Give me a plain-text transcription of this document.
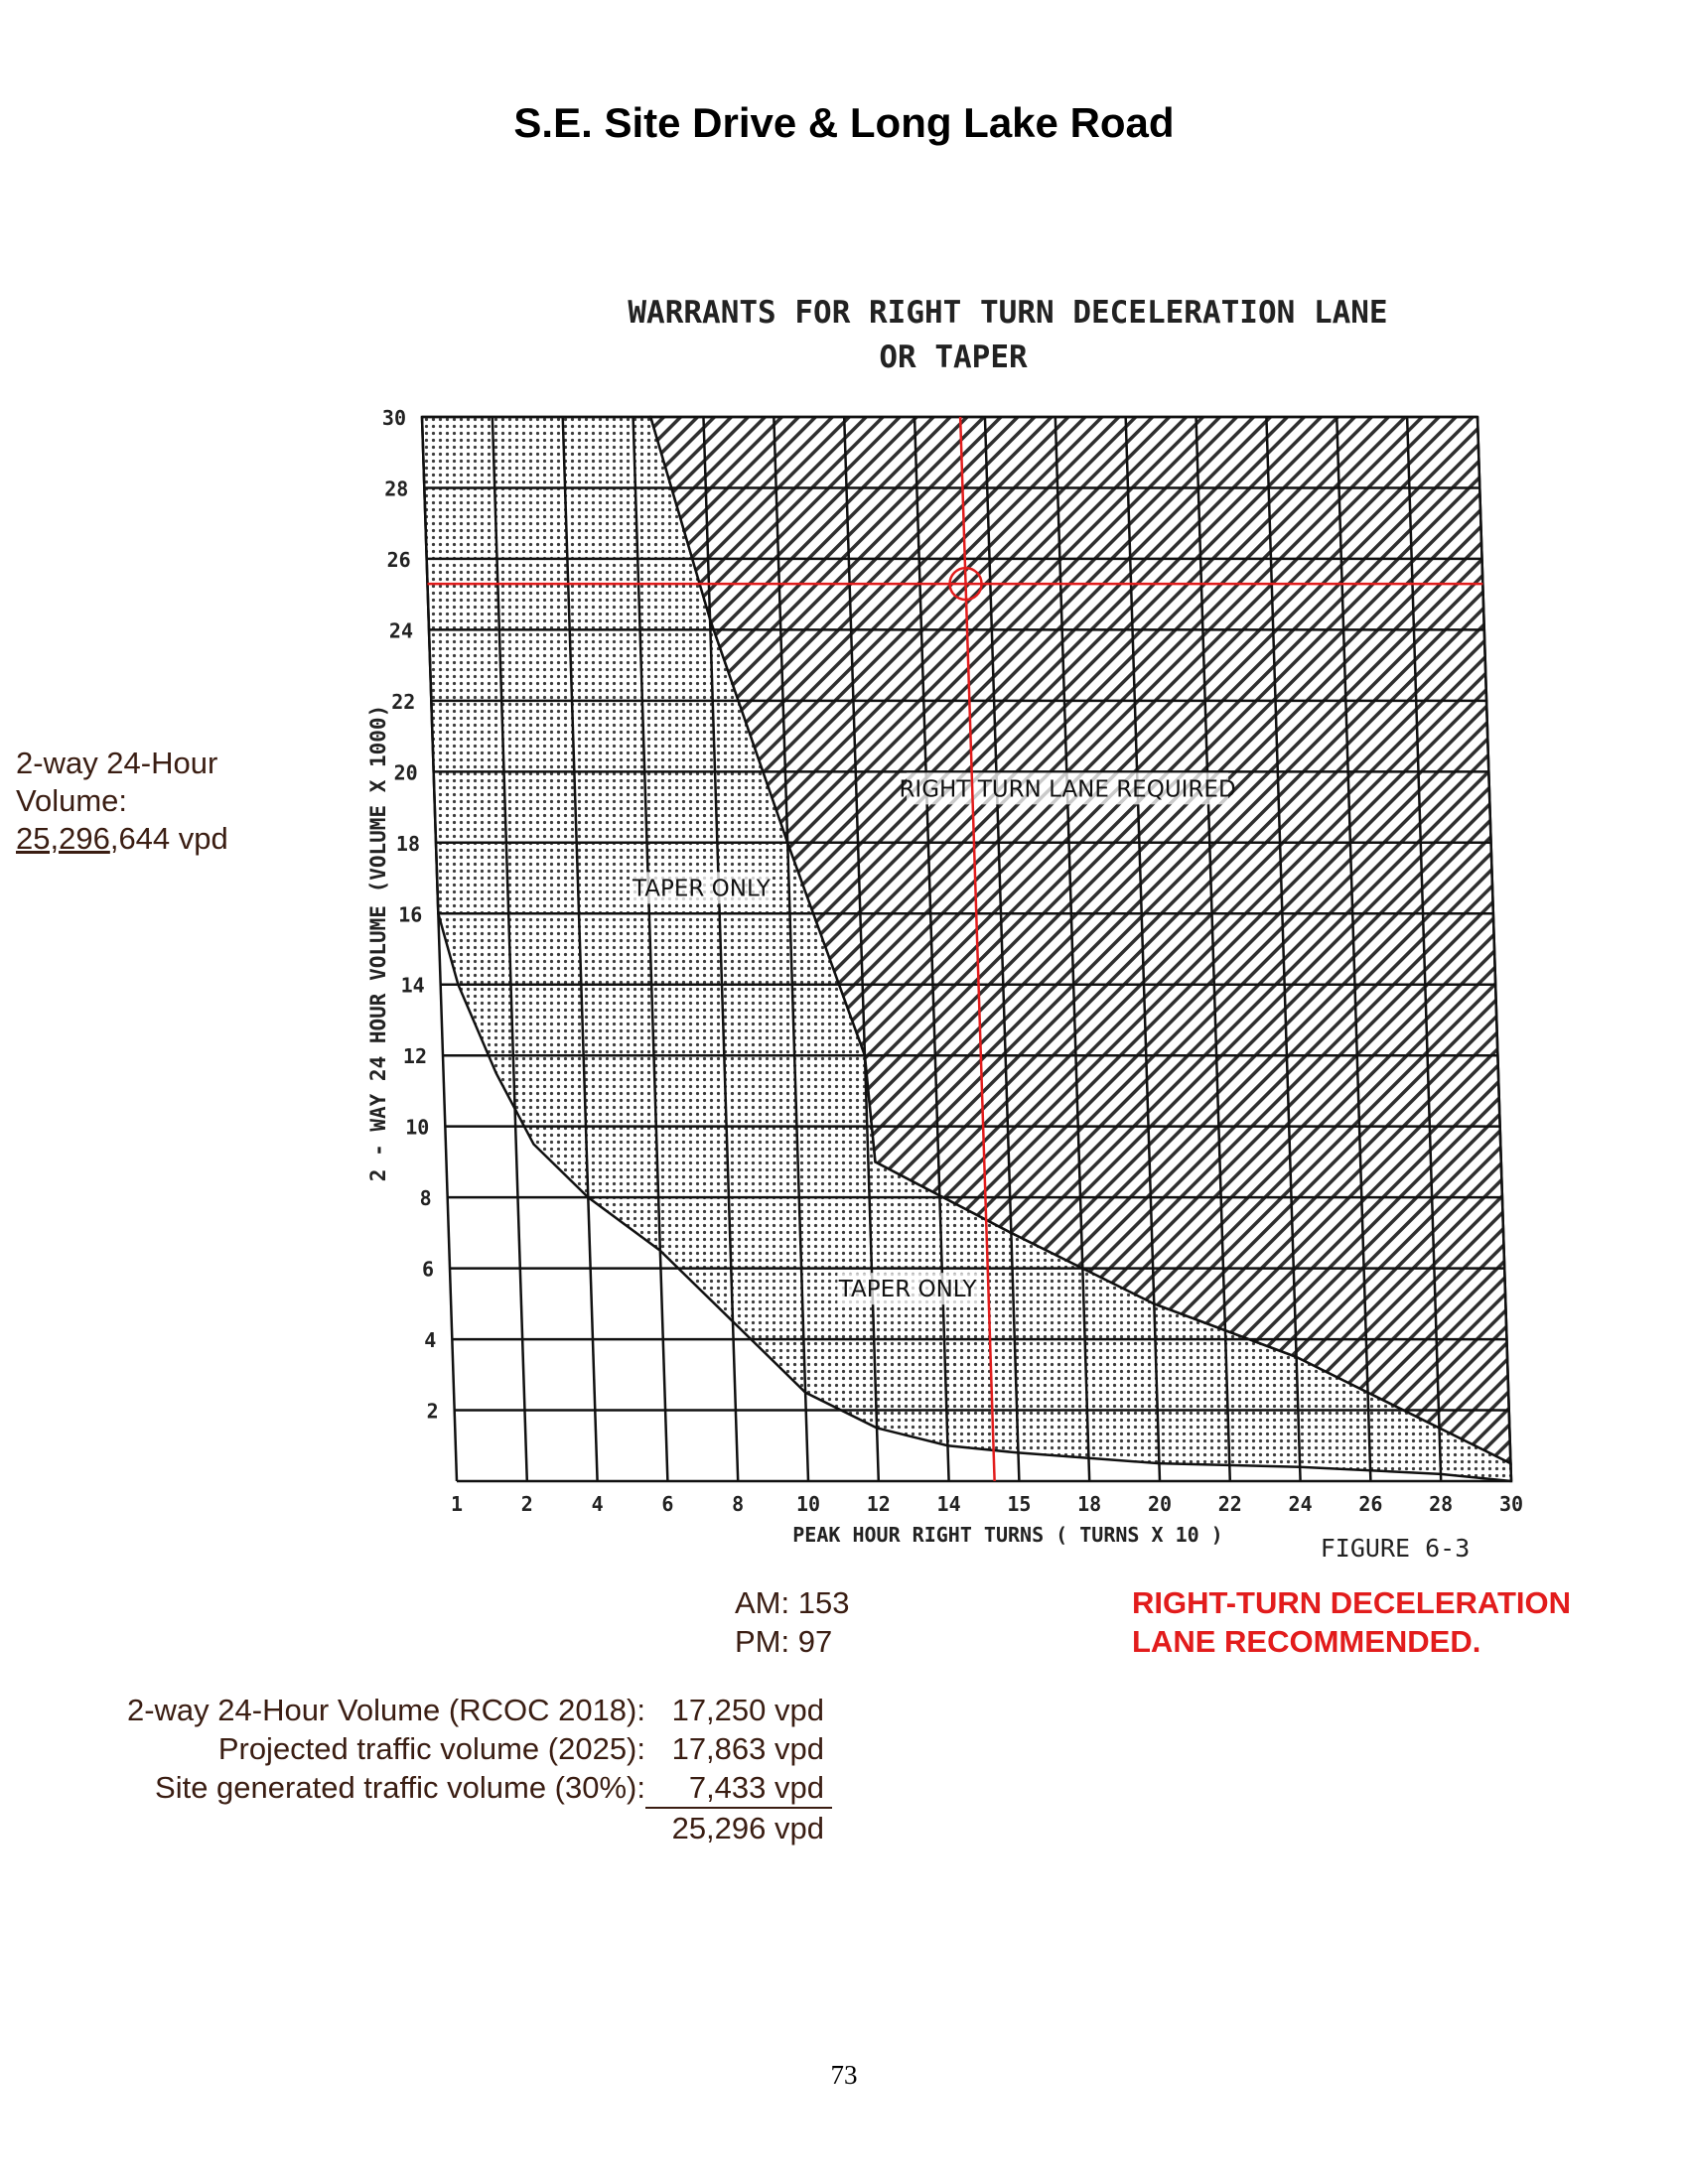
S.E. Site Drive & Long Lake Road
2
4
6
8
10
12
14
16
18
20
22
24
26
28
30
1	2	4	6	8	10 12 14 15 18 20 22 24 26 28 30
WARRANTS FOR RIGHT TURN DECELERATION LANE
OR TAPER
PEAK HOUR RIGHT TURNS ( TURNS X 10 )
2 - WAY 24 HOUR VOLUME (VOLUME X 1000)
FIGURE 6-3
TAPER ONLY
TAPER ONLY
RIGHT TURN LANE REQUIRED
2-way 24-Hour
Volume:
25,296,644 vpd
AM: 153
PM: 97
RIGHT-TURN DECELERATION
LANE RECOMMENDED.
2-way 24-Hour Volume (RCOC 2018): 17,250 vpd
Projected traffic volume (2025): 17,863 vpd
Site generated traffic volume (30%):	7,433 vpd
25,296 vpd
73
